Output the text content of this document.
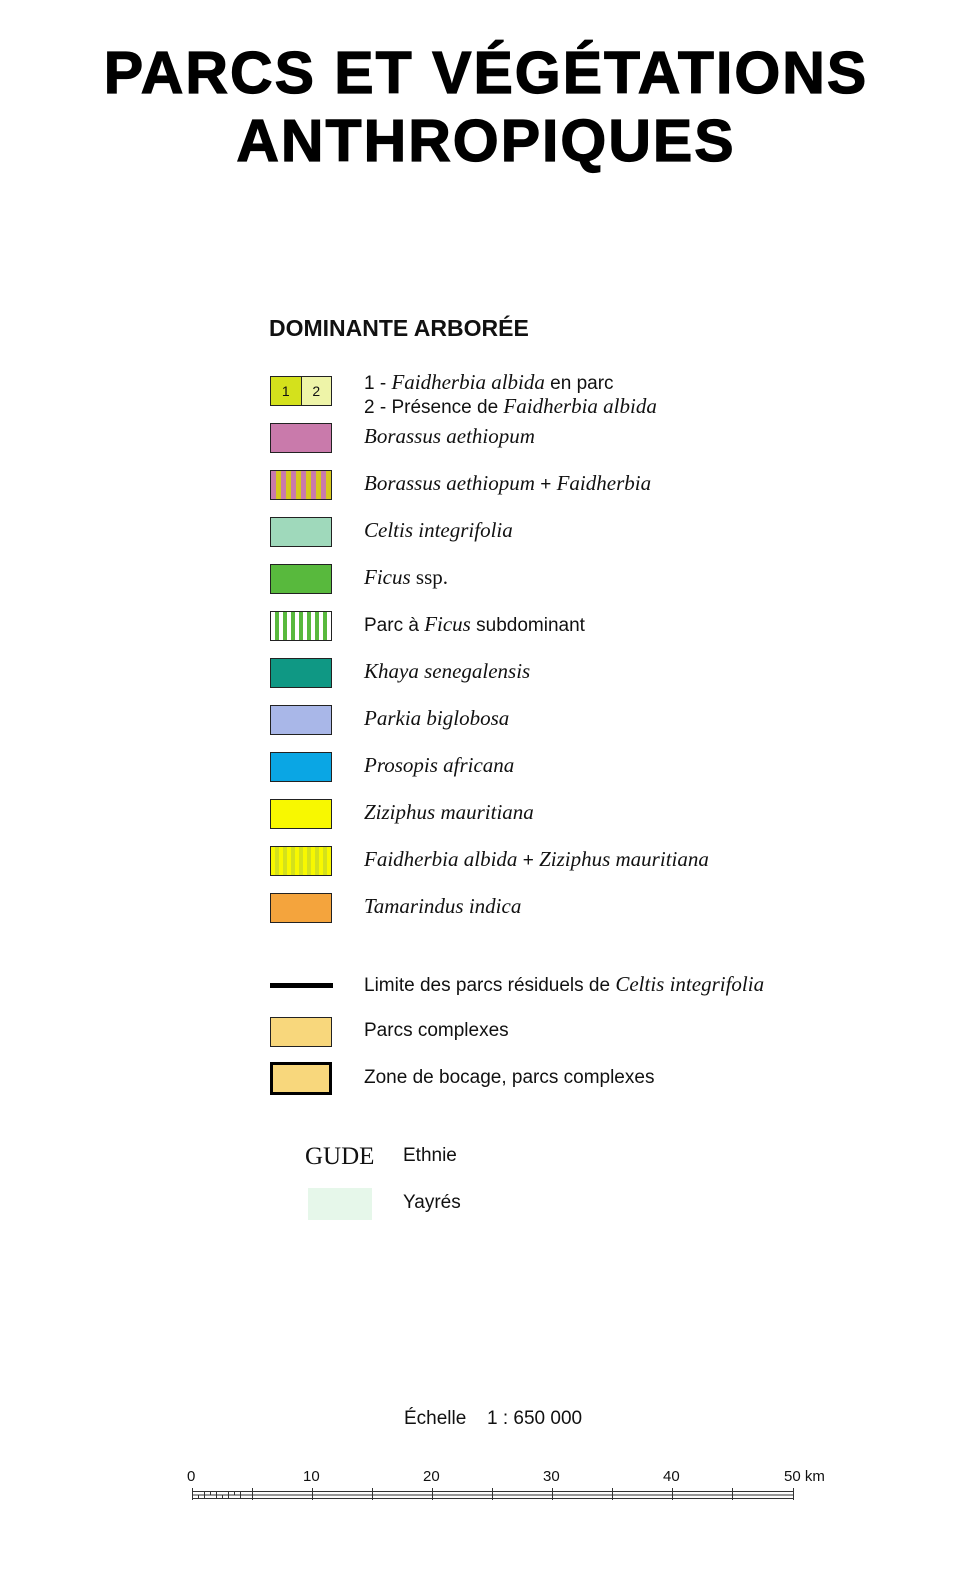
PARCS ET VÉGÉTATIONS
ANTHROPIQUES
DOMINANTE ARBORÉE
1	2	1 - Faidherbia albida en parc
2 - Présence de Faidherbia albida
Borassus aethiopum
Borassus aethiopum + Faidherbia
Celtis integrifolia
Ficus ssp.
Parc à Ficus subdominant
Khaya senegalensis
Parkia biglobosa
Prosopis africana
Ziziphus mauritiana
Faidherbia albida + Ziziphus mauritiana
Tamarindus indica
Limite des parcs résiduels de Celtis integrifolia
Parcs complexes
Zone de bocage, parcs complexes
GUDE Ethnie
Yayrés
Échelle 1 : 650 000
0	10	20	30	40	50 km
